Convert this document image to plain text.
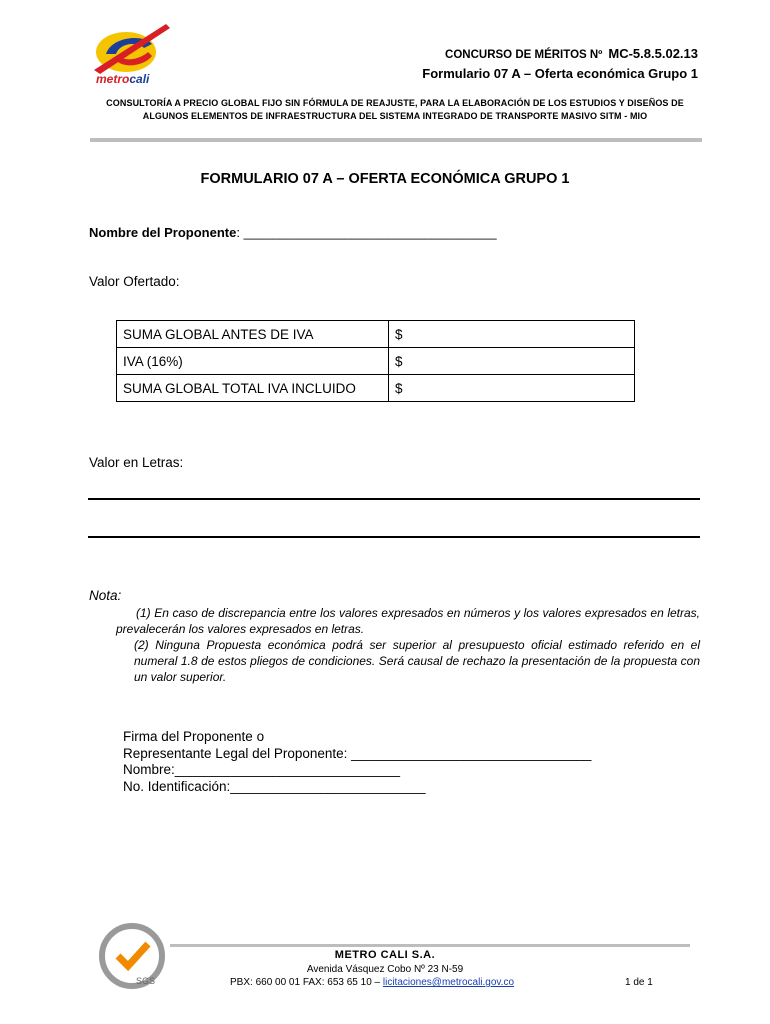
metrocali
CONCURSO DE MÉRITOS Nº MC-5.8.5.02.13
Formulario 07 A – Oferta económica Grupo 1
CONSULTORÍA A PRECIO GLOBAL FIJO SIN FÓRMULA DE REAJUSTE, PARA LA ELABORACIÓN DE LOS ESTUDIOS Y DISEÑOS DE
ALGUNOS ELEMENTOS DE INFRAESTRUCTURA DEL SISTEMA INTEGRADO DE TRANSPORTE MASIVO SITM - MIO
FORMULARIO 07 A – OFERTA ECONÓMICA GRUPO 1
Nombre del Proponente: ___________________________________
Valor Ofertado:
SUMA GLOBAL ANTES DE IVA	$
IVA (16%)	$
SUMA GLOBAL TOTAL IVA INCLUIDO	$
Valor en Letras:
Nota:

(1) En caso de discrepancia entre los valores expresados en números y los valores expresados en letras, prevalecerán los valores expresados en letras.

(2) Ninguna Propuesta económica podrá ser superior al presupuesto oficial estimado referido en el numeral 1.8 de estos pliegos de condiciones. Será causal de rechazo la presentación de la propuesta con un valor superior.

Firma del Proponente o
Representante Legal del Proponente: ________________________________
Nombre:______________________________
No. Identificación:__________________________
SGS
METRO CALI S.A.
Avenida Vásquez Cobo Nº 23 N-59
PBX: 660 00 01 FAX: 653 65 10 – licitaciones@metrocali.gov.co	1 de 1
